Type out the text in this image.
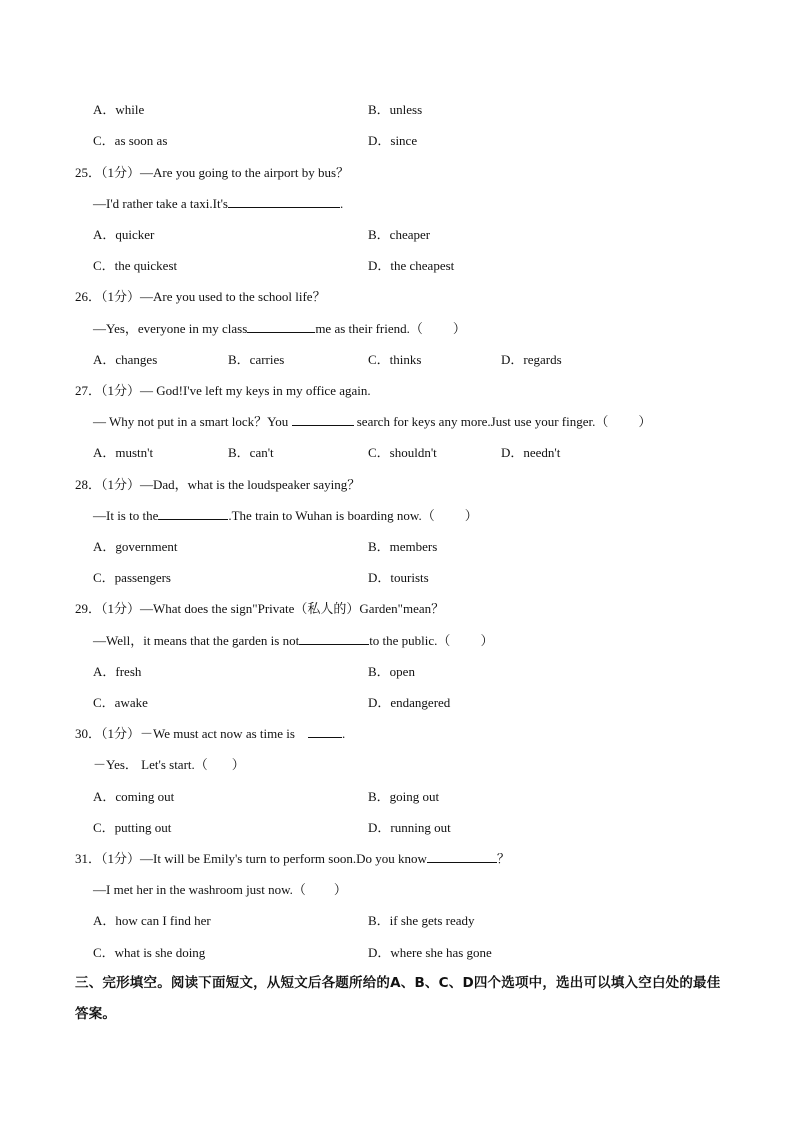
A．while	B．unless
C．as soon as	D．since
25．（1分）—Are you going to the airport by bus？
—I'd rather take a taxi.It's	.
A．quicker	B．cheaper
C．the quickest	D．the cheapest
26．（1分）—Are you used to the school life？
—Yes，everyone in my class	me as their friend.（ ）
A．changes	B．carries	C．thinks	D．regards
27．（1分）— God!I've left my keys in my office again.
— Why not put in a smart lock？You	search for keys any more.Just use your finger.（ ）
A．mustn't	B．can't	C．shouldn't	D．needn't
28．（1分）—Dad，what is the loudspeaker saying？
—It is to the	.The train to Wuhan is boarding now.（ ）
A．government	B．members
C．passengers	D．tourists
29．（1分）—What does the sign"Private（私人的）Garden"mean？
—Well，it means that the garden is not	to the public.（ ）
A．fresh	B．open
C．awake	D．endangered
30．（1分）－We must act now as time is	.
－Yes． Let's start.（ ）
A．coming out	B．going out
C．putting out	D．running out
31．（1分）—It will be Emily's turn to perform soon.Do you know	？
—I met her in the washroom just now.（ ）
A．how can I find her	B．if she gets ready
C．what is she doing	D．where she has gone
三、完形填空。阅读下面短文，从短文后各题所给的A、B、C、D四个选项中，选出可以填入空白处的最佳答案。
